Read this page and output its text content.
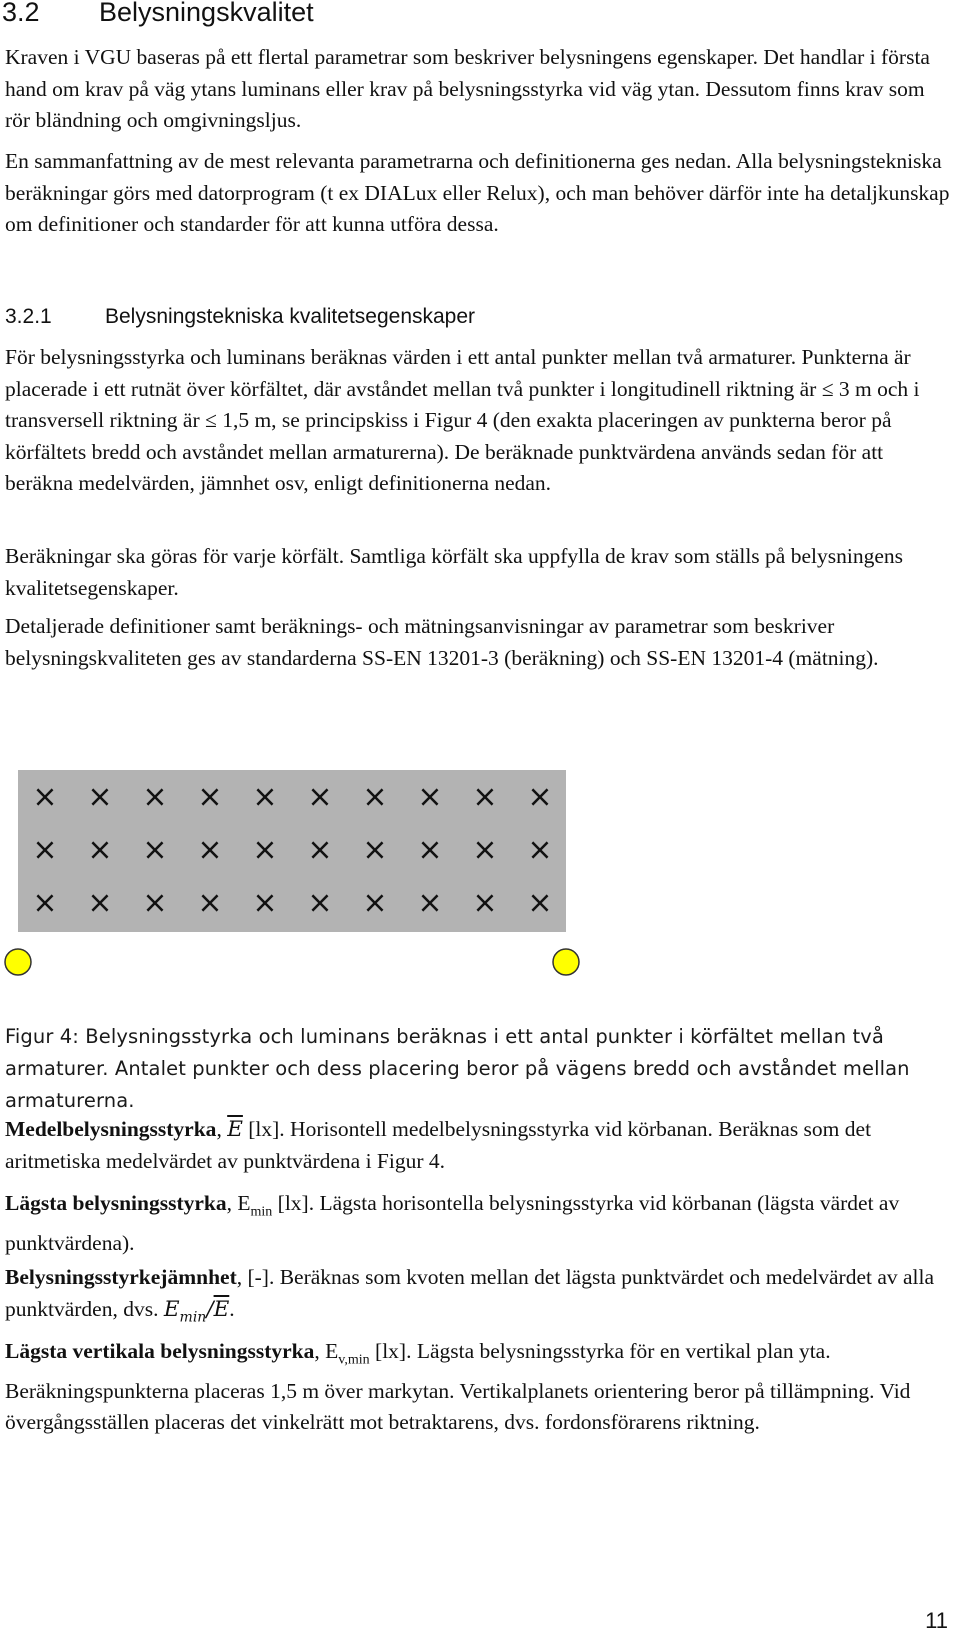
3.2 Belysningskvalitet

Kraven i VGU baseras på ett flertal parametrar som beskriver belysningens egenskaper. Det handlar i första hand om krav på väg ytans luminans eller krav på belysningsstyrka vid väg ytan. Dessutom finns krav som rör bländning och omgivningsljus.

En sammanfattning av de mest relevanta parametrarna och definitionerna ges nedan. Alla belysningstekniska beräkningar görs med datorprogram (t ex DIALux eller Relux), och man behöver därför inte ha detaljkunskap om definitioner och standarder för att kunna utföra dessa.

3.2.1	Belysningstekniska kvalitetsegenskaper

För belysningsstyrka och luminans beräknas värden i ett antal punkter mellan två armaturer. Punkterna är placerade i ett rutnät över körfältet, där avståndet mellan två punkter i longitudinell riktning är ≤ 3 m och i transversell riktning är ≤ 1,5 m, se principskiss i Figur 4 (den exakta placeringen av punkterna beror på körfältets bredd och avståndet mellan armaturerna). De beräknade punktvärdena används sedan för att beräkna medelvärden, jämnhet osv, enligt definitionerna nedan.

Beräkningar ska göras för varje körfält. Samtliga körfält ska uppfylla de krav som ställs på belysningens kvalitetsegenskaper.

Detaljerade definitioner samt beräknings- och mätningsanvisningar av parametrar som beskriver belysningskvaliteten ges av standarderna SS-EN 13201-3 (beräkning) och SS-EN 13201-4 (mätning).

× × × × × × × × × ×
× × × × × × × × × ×
× × × × × × × × × ×

Figur 4: Belysningsstyrka och luminans beräknas i ett antal punkter i körfältet mellan två armaturer. Antalet punkter och dess placering beror på vägens bredd och avståndet mellan armaturerna.

Medelbelysningsstyrka, $\overline{E}$ [lx]. Horisontell medelbelysningsstyrka vid körbanan. Beräknas som det aritmetiska medelvärdet av punktvärdena i Figur 4.

Lägsta belysningsstyrka, $E_{min}$ [lx]. Lägsta horisontella belysningsstyrka vid körbanan (lägsta värdet av punktvärdena).

Belysningsstyrkejämnhet, [-]. Beräknas som kvoten mellan det lägsta punktvärdet och medelvärdet av alla punktvärden, dvs. $E_{min}/\overline{E}$.

Lägsta vertikala belysningsstyrka, $E_{v,min}$ [lx]. Lägsta belysningsstyrka för en vertikal plan yta. Beräkningspunkterna placeras 1,5 m över markytan. Vertikalplanets orientering beror på tillämpning. Vid övergångsställen placeras det vinkelrätt mot betraktarens, dvs. fordonsförarens riktning.

11
